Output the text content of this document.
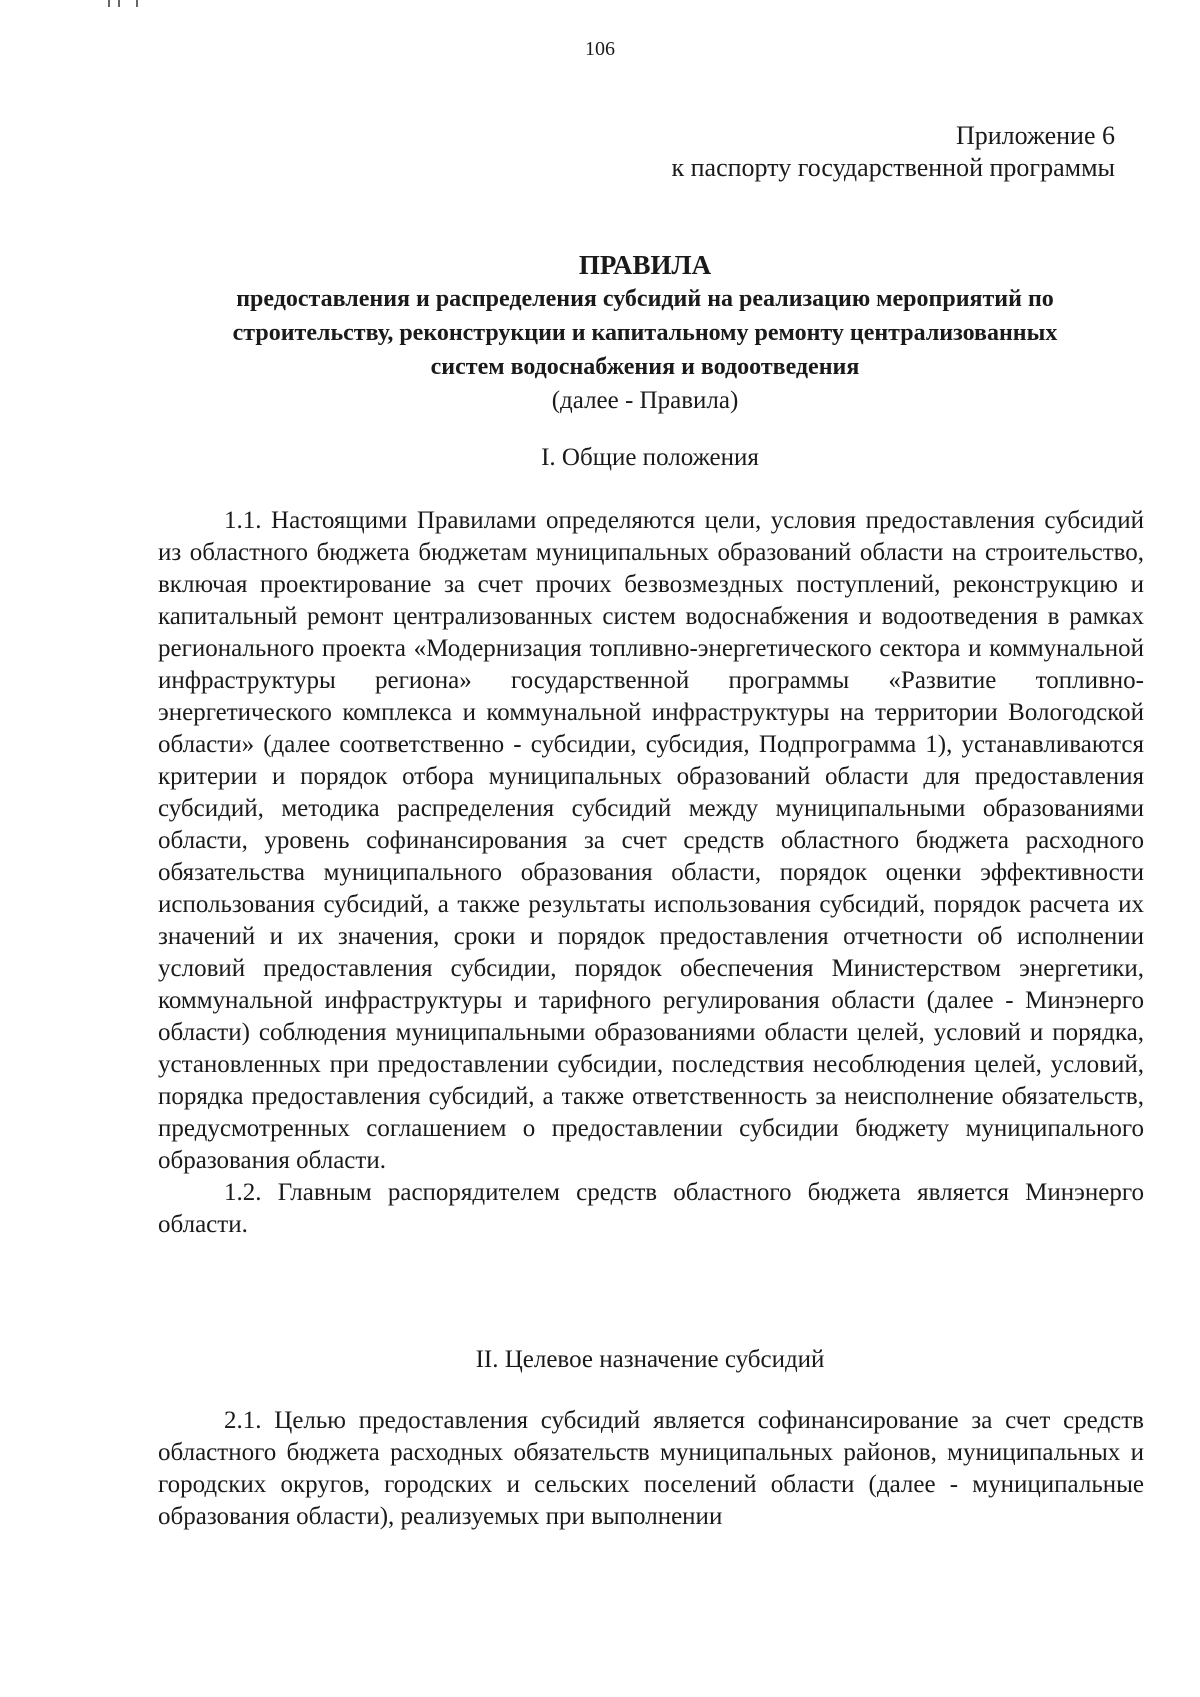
106
Приложение 6
к паспорту государственной программы
ПРАВИЛА
предоставления и распределения субсидий на реализацию мероприятий по
строительству, реконструкции и капитальному ремонту централизованных
систем водоснабжения и водоотведения
(далее - Правила)
I. Общие положения

1.1. Настоящими Правилами определяются цели, условия предоставления субсидий из областного бюджета бюджетам муниципальных образований области на строительство, включая проектирование за счет прочих безвозмездных поступлений, реконструкцию и капитальный ремонт централизованных систем водоснабжения и водоотведения в рамках регионального проекта «Модернизация топливно-энергетического сектора и коммунальной инфраструктуры региона» государственной программы «Развитие топливно-энергетического комплекса и коммунальной инфраструктуры на территории Вологодской области» (далее соответственно - субсидии, субсидия, Подпрограмма 1), устанавливаются критерии и порядок отбора муниципальных образований области для предоставления субсидий, методика распределения субсидий между муниципальными образованиями области, уровень софинансирования за счет средств областного бюджета расходного обязательства муниципального образования области, порядок оценки эффективности использования субсидий, а также результаты использования субсидий, порядок расчета их значений и их значения, сроки и порядок предоставления отчетности об исполнении условий предоставления субсидии, порядок обеспечения Министерством энергетики, коммунальной инфраструктуры и тарифного регулирования области (далее - Минэнерго области) соблюдения муниципальными образованиями области целей, условий и порядка, установленных при предоставлении субсидии, последствия несоблюдения целей, условий, порядка предоставления субсидий, а также ответственность за неисполнение обязательств, предусмотренных соглашением о предоставлении субсидии бюджету муниципального образования области.

1.2. Главным распорядителем средств областного бюджета является Минэнерго области.

II. Целевое назначение субсидий

2.1. Целью предоставления субсидий является софинансирование за счет средств областного бюджета расходных обязательств муниципальных районов, муниципальных и городских округов, городских и сельских поселений области (далее - муниципальные образования области), реализуемых при выполнении
